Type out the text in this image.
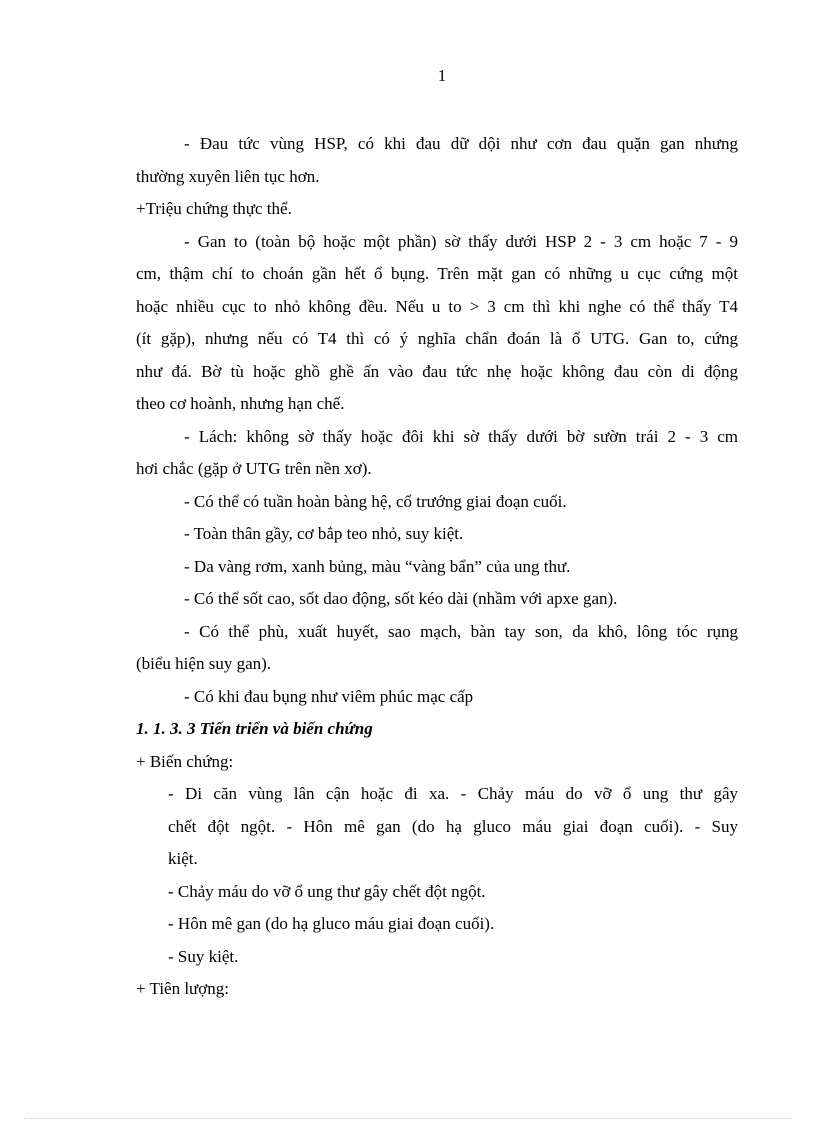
1
- Đau tức vùng HSP, có khi đau dữ dội như cơn đau quặn gan nhưng
thường xuyên liên tục hơn.
+Triệu chứng thực thể.
- Gan to (toàn bộ hoặc một phần) sờ thấy dưới HSP 2 - 3 cm hoặc 7 - 9
cm, thậm chí to choán gần hết ổ bụng. Trên mặt gan có những u cục cứng một
hoặc nhiều cục to nhỏ không đều. Nếu u to > 3 cm thì khi nghe có thể thấy T4
(ít gặp), nhưng nếu có T4 thì có ý nghĩa chẩn đoán là ổ UTG. Gan to, cứng
như đá. Bờ tù hoặc ghồ ghề ấn vào đau tức nhẹ hoặc không đau còn di động
theo cơ hoành, nhưng hạn chế.
- Lách: không sờ thấy hoặc đôi khi sờ thấy dưới bờ sườn trái 2 - 3 cm
hơi chắc (gặp ở UTG trên nền xơ).
- Có thể có tuần hoàn bàng hệ, cổ trướng giai đoạn cuối.
- Toàn thân gầy, cơ bắp teo nhỏ, suy kiệt.
- Da vàng rơm, xanh bủng, màu “vàng bẩn” của ung thư.
- Có thể sốt cao, sốt dao động, sốt kéo dài (nhầm với apxe gan).
- Có thể phù, xuất huyết, sao mạch, bàn tay son, da khô, lông tóc rụng
(biểu hiện suy gan).
- Có khi đau bụng như viêm phúc mạc cấp
1. 1. 3. 3 Tiến triển và biến chứng
+ Biến chứng:
- Di căn vùng lân cận hoặc đi xa. - Chảy máu do vỡ ổ ung thư gây
chết đột ngột. - Hôn mê gan (do hạ gluco máu giai đoạn cuối). - Suy
kiệt.
- Chảy máu do vỡ ổ ung thư gây chết đột ngột.
- Hôn mê gan (do hạ gluco máu giai đoạn cuối).
- Suy kiệt.
+ Tiên lượng:
